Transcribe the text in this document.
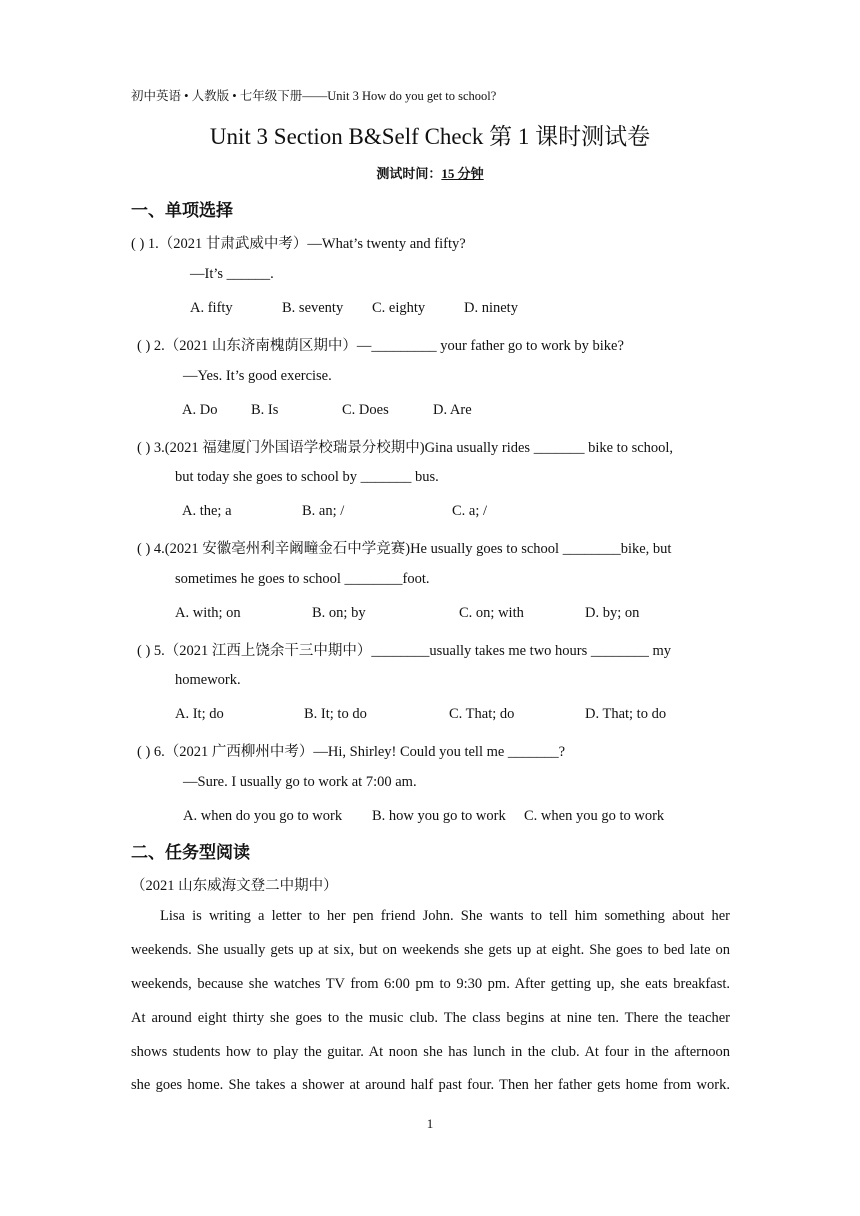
初中英语 • 人教版 • 七年级下册——Unit 3 How do you get to school?
Unit 3 Section B&Self Check 第 1 课时测试卷
测试时间：15 分钟
一、单项选择
( ) 1.（2021 甘肃武威中考）—What’s twenty and fifty?
—It’s ______.
A. fifty	B. seventy C. eighty	D. ninety
( ) 2.（2021 山东济南槐荫区期中）—_________ your father go to work by bike?
—Yes. It’s good exercise.
A. Do B. Is	C. Does	D. Are
( ) 3.(2021 福建厦门外国语学校瑞景分校期中)Gina usually rides _______ bike to school,
but today she goes to school by _______ bus.
A. the; a	B. an; /	C. a; /
( ) 4.(2021 安徽亳州利辛阚疃金石中学竞赛)He usually goes to school ________bike, but
sometimes he goes to school ________foot.
A. with; on	B. on; by	C. on; with	D. by; on
( ) 5.（2021 江西上饶余干三中期中）________usually takes me two hours ________ my
homework.
A. It; do	B. It; to do	C. That; do	D. That; to do
( ) 6.（2021 广西柳州中考）—Hi, Shirley! Could you tell me _______?
—Sure. I usually go to work at 7:00 am.
A. when do you go to work B. how you go to work C. when you go to work
二、任务型阅读
（2021 山东威海文登二中期中）
Lisa is writing a letter to her pen friend John. She wants to tell him something about her
weekends. She usually gets up at six, but on weekends she gets up at eight. She goes to bed late on
weekends, because she watches TV from 6:00 pm to 9:30 pm. After getting up, she eats breakfast.
At around eight thirty she goes to the music club. The class begins at nine ten. There the teacher
shows students how to play the guitar. At noon she has lunch in the club. At four in the afternoon
she goes home. She takes a shower at around half past four. Then her father gets home from work.
1
